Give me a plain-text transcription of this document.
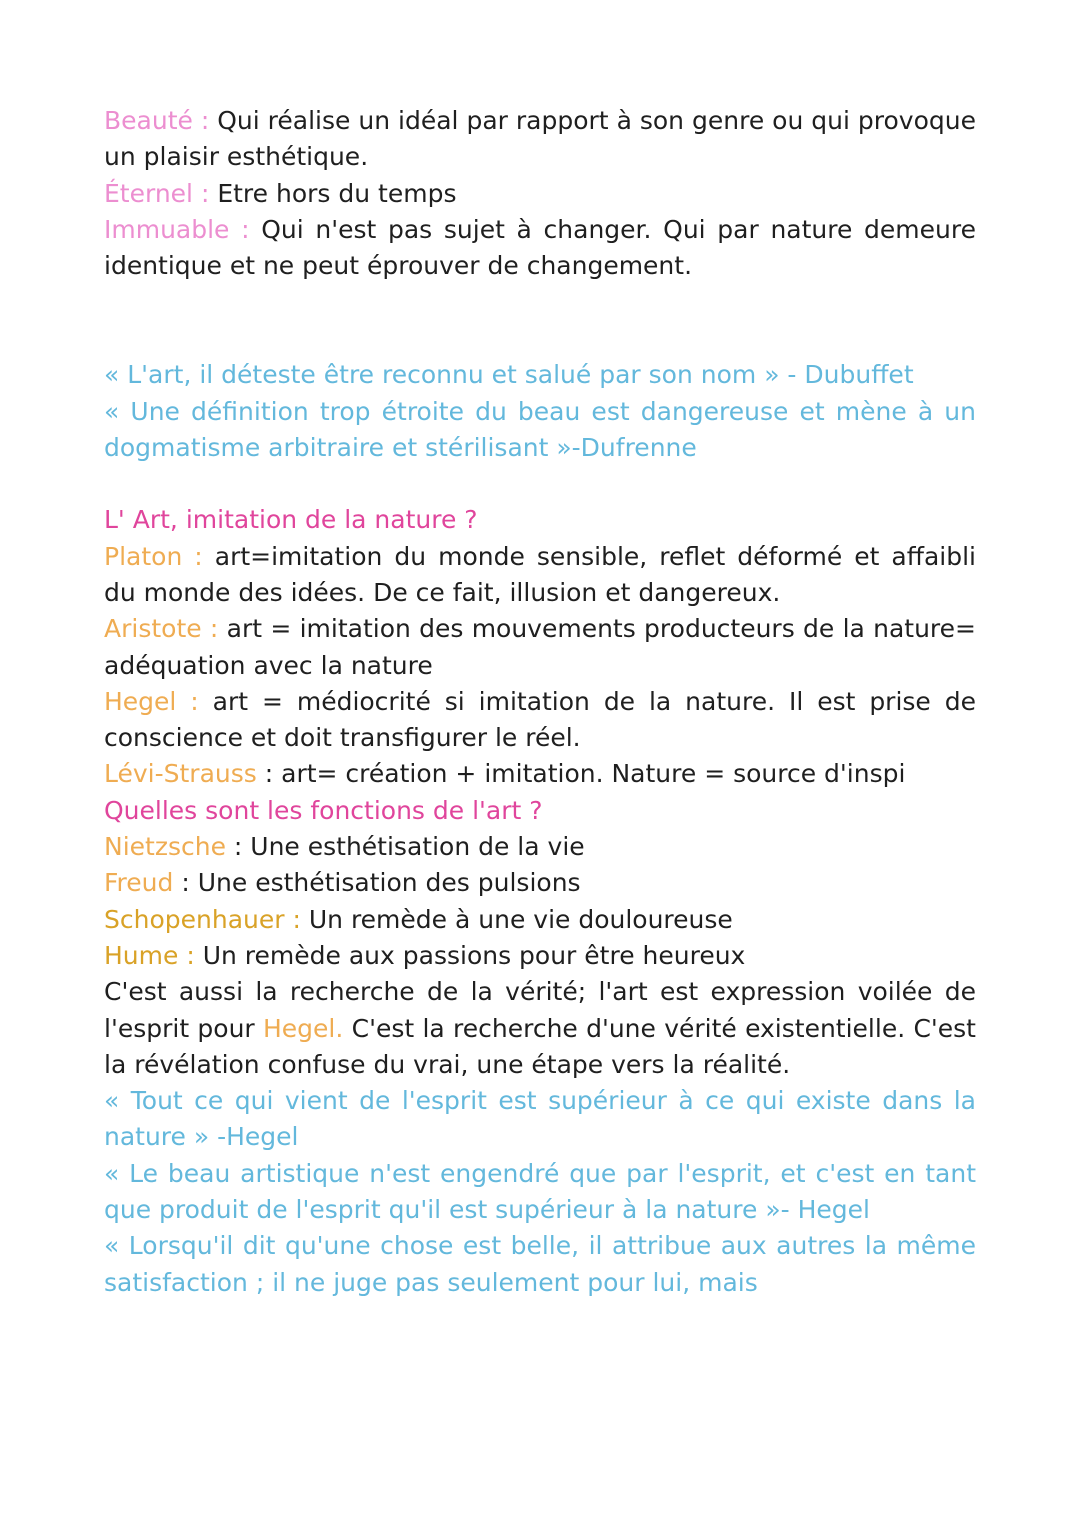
Beauté : Qui réalise un idéal par rapport à son genre ou qui provoque un plaisir esthétique.

Éternel : Etre hors du temps

Immuable : Qui n'est pas sujet à changer. Qui par nature demeure identique et ne peut éprouver de changement.

« L'art, il déteste être reconnu et salué par son nom » - Dubuffet

« Une définition trop étroite du beau est dangereuse et mène à un dogmatisme arbitraire et stérilisant »-Dufrenne

L' Art, imitation de la nature ?

Platon : art=imitation du monde sensible, reflet déformé et affaibli du monde des idées. De ce fait, illusion et dangereux.

Aristote : art = imitation des mouvements producteurs de la nature= adéquation avec la nature

Hegel : art = médiocrité si imitation de la nature. Il est prise de conscience et doit transfigurer le réel.

Lévi-Strauss : art= création + imitation. Nature = source d'inspi

Quelles sont les fonctions de l'art ?

Nietzsche : Une esthétisation de la vie

Freud : Une esthétisation des pulsions

Schopenhauer : Un remède à une vie douloureuse

Hume : Un remède aux passions pour être heureux

C'est aussi la recherche de la vérité; l'art est expression voilée de l'esprit pour Hegel. C'est la recherche d'une vérité existentielle. C'est la révélation confuse du vrai, une étape vers la réalité.

« Tout ce qui vient de l'esprit est supérieur à ce qui existe dans la nature » -Hegel

« Le beau artistique n'est engendré que par l'esprit, et c'est en tant que produit de l'esprit qu'il est supérieur à la nature »- Hegel

« Lorsqu'il dit qu'une chose est belle, il attribue aux autres la même satisfaction ; il ne juge pas seulement pour lui, mais
